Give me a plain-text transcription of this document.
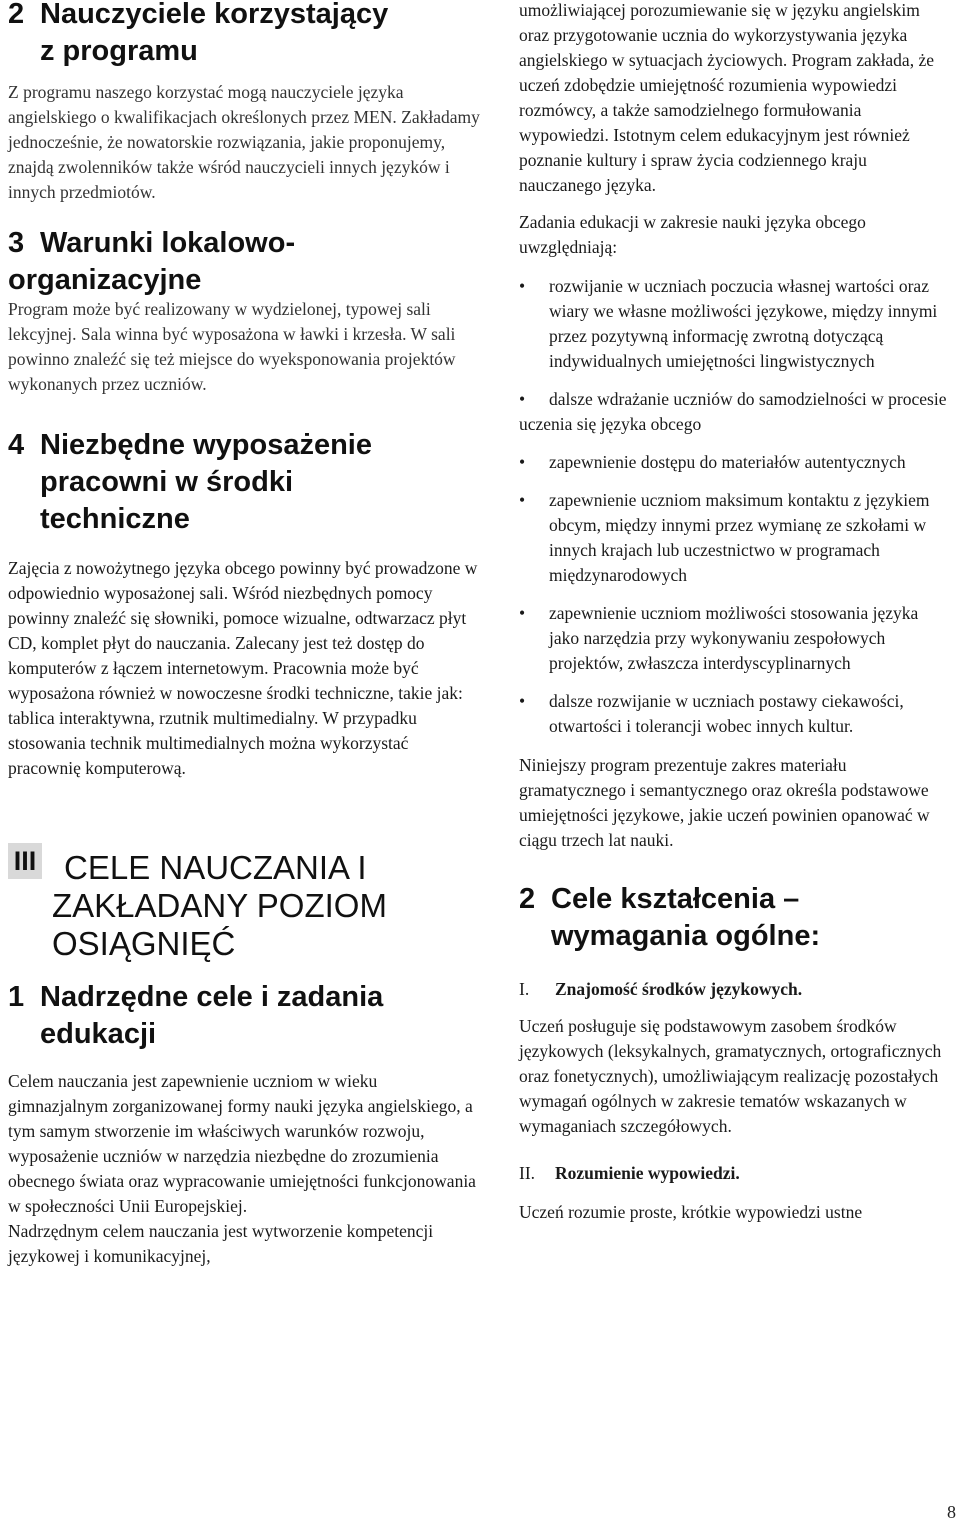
2 Nauczyciele korzystający
z programu

Z programu naszego korzystać mogą nauczyciele języka angielskiego o kwalifikacjach określonych przez MEN. Zakładamy jednocześnie, że nowatorskie rozwiązania, jakie proponujemy, znajdą zwolenników także wśród nauczycieli innych języków i innych przedmiotów.

3 Warunki lokalowo-
organizacyjne

Program może być realizowany w wydzielonej, typowej sali lekcyjnej. Sala winna być wyposażona w ławki i krzesła. W sali powinno znaleźć się też miejsce do wyeksponowania projektów wykonanych przez uczniów.

4 Niezbędne wyposażenie
pracowni w środki
techniczne

Zajęcia z nowożytnego języka obcego powinny być prowadzone w odpowiednio wyposażonej sali. Wśród niezbędnych pomocy powinny znaleźć się słowniki, pomoce wizualne, odtwarzacz płyt CD, komplet płyt do nauczania. Zalecany jest też dostęp do komputerów z łączem internetowym. Pracownia może być wyposażona również w nowoczesne środki techniczne, takie jak: tablica interaktywna, rzutnik multimedialny. W przypadku stosowania technik multimedialnych można wykorzystać pracownię komputerową.

III CELE NAUCZANIA I
ZAKŁADANY POZIOM
OSIĄGNIĘĆ
1 Nadrzędne cele i zadania
edukacji

Celem nauczania jest zapewnienie uczniom w wieku gimnazjalnym zorganizowanej formy nauki języka angielskiego, a tym samym stworzenie im właściwych warunków rozwoju, wyposażenie uczniów w narzędzia niezbędne do zrozumienia obecnego świata oraz wypracowanie umiejętności funkcjonowania w społeczności Unii Europejskiej.

Nadrzędnym celem nauczania jest wytworzenie kompetencji językowej i komunikacyjnej,

umożliwiającej porozumiewanie się w języku angielskim oraz przygotowanie ucznia do wykorzystywania języka angielskiego w sytuacjach życiowych. Program zakłada, że uczeń zdobędzie umiejętność rozumienia wypowiedzi rozmówcy, a także samodzielnego formułowania wypowiedzi. Istotnym celem edukacyjnym jest również poznanie kultury i spraw życia codziennego kraju nauczanego języka.

Zadania edukacji w zakresie nauki języka obcego uwzględniają:

• rozwijanie w uczniach poczucia własnej wartości oraz wiary we własne możliwości językowe, między innymi przez pozytywną informację zwrotną dotyczącą indywidualnych umiejętności lingwistycznych
• dalsze wdrażanie uczniów do samodzielności w procesie uczenia się języka obcego
• zapewnienie dostępu do materiałów autentycznych
• zapewnienie uczniom maksimum kontaktu z językiem obcym, między innymi przez wymianę ze szkołami w innych krajach lub uczestnictwo w programach międzynarodowych
• zapewnienie uczniom możliwości stosowania języka jako narzędzia przy wykonywaniu zespołowych projektów, zwłaszcza interdyscyplinarnych
• dalsze rozwijanie w uczniach postawy ciekawości, otwartości i tolerancji wobec innych kultur.

Niniejszy program prezentuje zakres materiału gramatycznego i semantycznego oraz określa podstawowe umiejętności językowe, jakie uczeń powinien opanować w ciągu trzech lat nauki.

2 Cele kształcenia –
wymagania ogólne:

I.	Znajomość środków językowych.

Uczeń posługuje się podstawowym zasobem środków językowych (leksykalnych, gramatycznych, ortograficznych oraz fonetycznych), umożliwiającym realizację pozostałych wymagań ogólnych w zakresie tematów wskazanych w wymaganiach szczegółowych.

II.	Rozumienie wypowiedzi.

Uczeń rozumie proste, krótkie wypowiedzi ustne

8
